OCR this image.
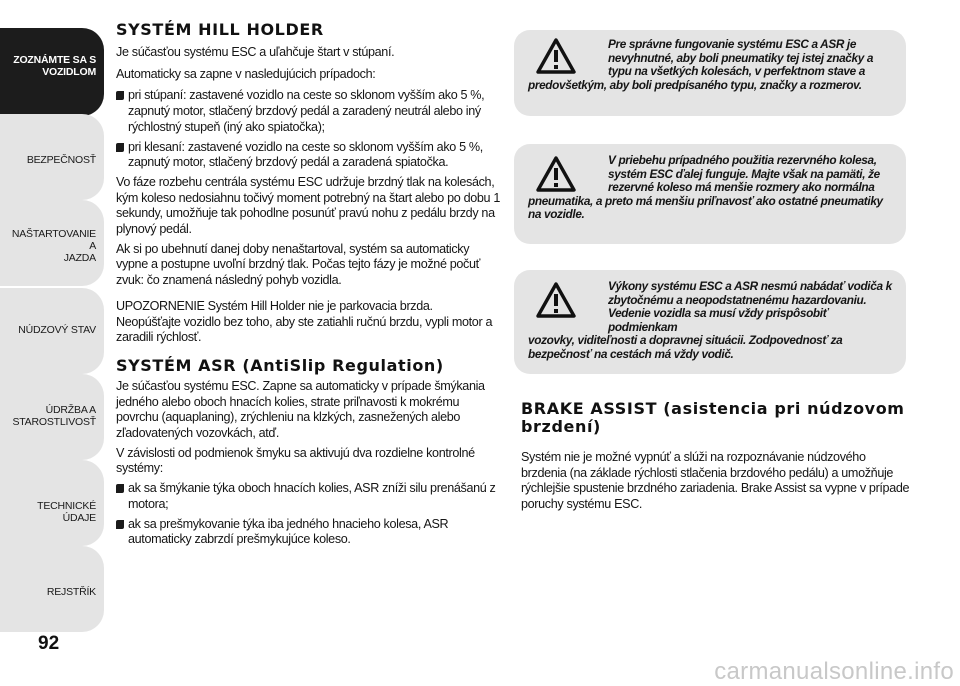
ZOZNÁMTE SA S
VOZIDLOM
BEZPEČNOSŤ
NAŠTARTOVANIE A
JAZDA
NÚDZOVÝ STAV
ÚDRŽBA A
STAROSTLIVOSŤ
TECHNICKÉ ÚDAJE
REJSTŘÍK
92
SYSTÉM HILL HOLDER

Je súčasťou systému ESC a uľahčuje štart v stúpaní.

Automaticky sa zapne v nasledujúcich prípadoch:

pri stúpaní: zastavené vozidlo na ceste so sklonom vyšším ako 5 %, zapnutý motor, stlačený brzdový pedál a zaradený neutrál alebo iný rýchlostný stupeň (iný ako spiatočka);
pri klesaní: zastavené vozidlo na ceste so sklonom vyšším ako 5 %, zapnutý motor, stlačený brzdový pedál a zaradená spiatočka.

Vo fáze rozbehu centrála systému ESC udržuje brzdný tlak na kolesách, kým koleso nedosiahnu točivý moment potrebný na štart alebo po dobu 1 sekundy, umožňuje tak pohodlne posunúť pravú nohu z pedálu brzdy na plynový pedál.

Ak si po ubehnutí danej doby nenaštartoval, systém sa automaticky vypne a postupne uvoľní brzdný tlak. Počas tejto fázy je možné počuť zvuk: čo znamená následný pohyb vozidla.

UPOZORNENIE Systém Hill Holder nie je parkovacia brzda. Neopúšťajte vozidlo bez toho, aby ste zatiahli ručnú brzdu, vypli motor a zaradili rýchlosť.

SYSTÉM ASR (AntiSlip Regulation)

Je súčasťou systému ESC. Zapne sa automaticky v prípade šmýkania jedného alebo oboch hnacích kolies, strate priľnavosti k mokrému povrchu (aquaplaning), zrýchleniu na klzkých, zasnežených alebo zľadovatených vozovkách, atď.

V závislosti od podmienok šmyku sa aktivujú dva rozdielne kontrolné systémy:

ak sa šmýkanie týka oboch hnacích kolies, ASR zníži silu prenášanú z motora;
ak sa prešmykovanie týka iba jedného hnacieho kolesa, ASR automaticky zabrzdí prešmykujúce koleso.
Pre správne fungovanie systému ESC a ASR je
nevyhnutné, aby boli pneumatiky tej istej značky a
typu na všetkých kolesách, v perfektnom stave a
predovšetkým, aby boli predpísaného typu, značky a rozmerov.
V priebehu prípadného použitia rezervného kolesa,
systém ESC ďalej funguje. Majte však na pamäti, že
rezervné koleso má menšie rozmery ako normálna
pneumatika, a preto má menšiu priľnavosť ako ostatné pneumatiky na vozidle.
Výkony systému ESC a ASR nesmú nabádať vodiča k
zbytočnému a neopodstatnenému hazardovaniu.
Vedenie vozidla sa musí vždy prispôsobiť podmienkam
vozovky, viditeľnosti a dopravnej situácii. Zodpovednosť za bezpečnosť na cestách má vždy vodič.
BRAKE ASSIST (asistencia pri núdzovom brzdení)

Systém nie je možné vypnúť a slúži na rozpoznávanie núdzového brzdenia (na základe rýchlosti stlačenia brzdového pedálu) a umožňuje rýchlejšie spustenie brzdného zariadenia. Brake Assist sa vypne v prípade poruchy systému ESC.

carmanualsonline.info
